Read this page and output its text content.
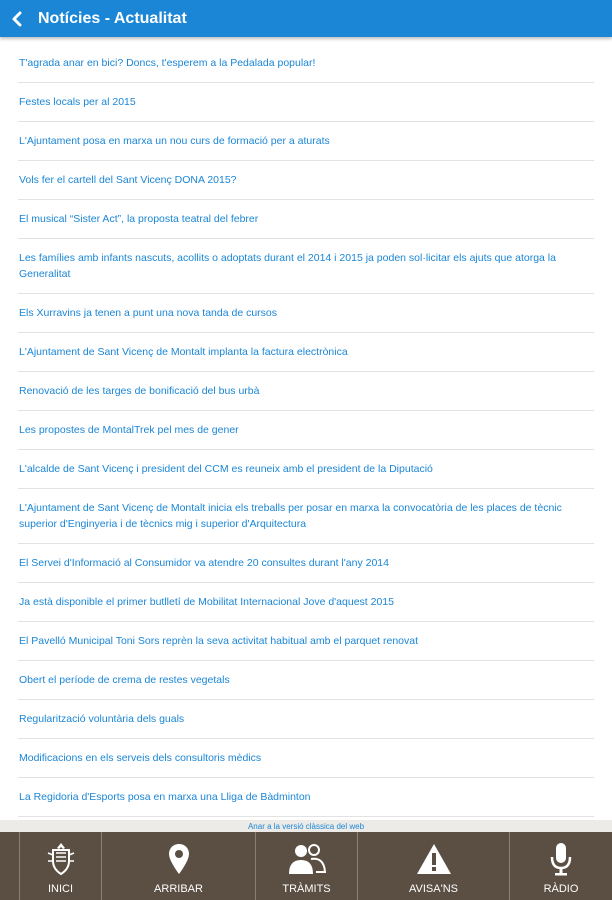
Notícies - Actualitat
T'agrada anar en bici? Doncs, t'esperem a la Pedalada popular!
Festes locals per al 2015
L'Ajuntament posa en marxa un nou curs de formació per a aturats
Vols fer el cartell del Sant Vicenç DONA 2015?
El musical “Sister Act”, la proposta teatral del febrer
Les famílies amb infants nascuts, acollits o adoptats durant el 2014 i 2015 ja poden sol·licitar els ajuts que atorga la Generalitat
Els Xurravins ja tenen a punt una nova tanda de cursos
L'Ajuntament de Sant Vicenç de Montalt implanta la factura electrònica
Renovació de les targes de bonificació del bus urbà
Les propostes de MontalTrek pel mes de gener
L'alcalde de Sant Vicenç i president del CCM es reuneix amb el president de la Diputació
L'Ajuntament de Sant Vicenç de Montalt inicia els treballs per posar en marxa la convocatòria de les places de tècnic superior d'Enginyeria i de tècnics mig i superior d'Arquitectura
El Servei d'Informació al Consumidor va atendre 20 consultes durant l'any 2014
Ja està disponible el primer butlletí de Mobilitat Internacional Jove d'aquest 2015
El Pavelló Municipal Toni Sors reprèn la seva activitat habitual amb el parquet renovat
Obert el període de crema de restes vegetals
Regularització voluntària dels guals
Modificacions en els serveis dels consultoris mèdics
La Regidoria d'Esports posa en marxa una Lliga de Bàdminton
Anar a la versió clàssica del web
INICI	ARRIBAR	TRÀMITS	AVISA'NS	RÀDIO
